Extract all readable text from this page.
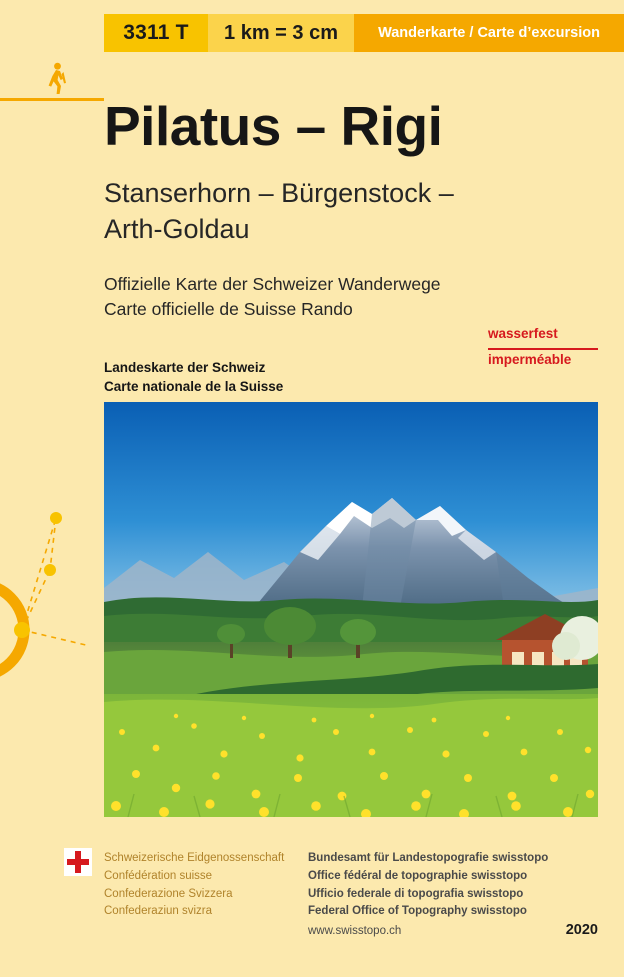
3311 T	1 km = 3 cm	Wanderkarte / Carte d’excursion
Pilatus – Rigi
Stanserhorn – Bürgenstock –
Arth-Goldau
Offizielle Karte der Schweizer Wanderwege
Carte officielle de Suisse Rando
Landeskarte der Schweiz
Carte nationale de la Suisse
wasserfest
imperméable
Schweizerische Eidgenossenschaft
Confédération suisse
Confederazione Svizzera
Confederaziun svizra
Bundesamt für Landestopografie swisstopo
Office fédéral de topographie swisstopo
Ufficio federale di topografia swisstopo
Federal Office of Topography swisstopo
www.swisstopo.ch	2020
